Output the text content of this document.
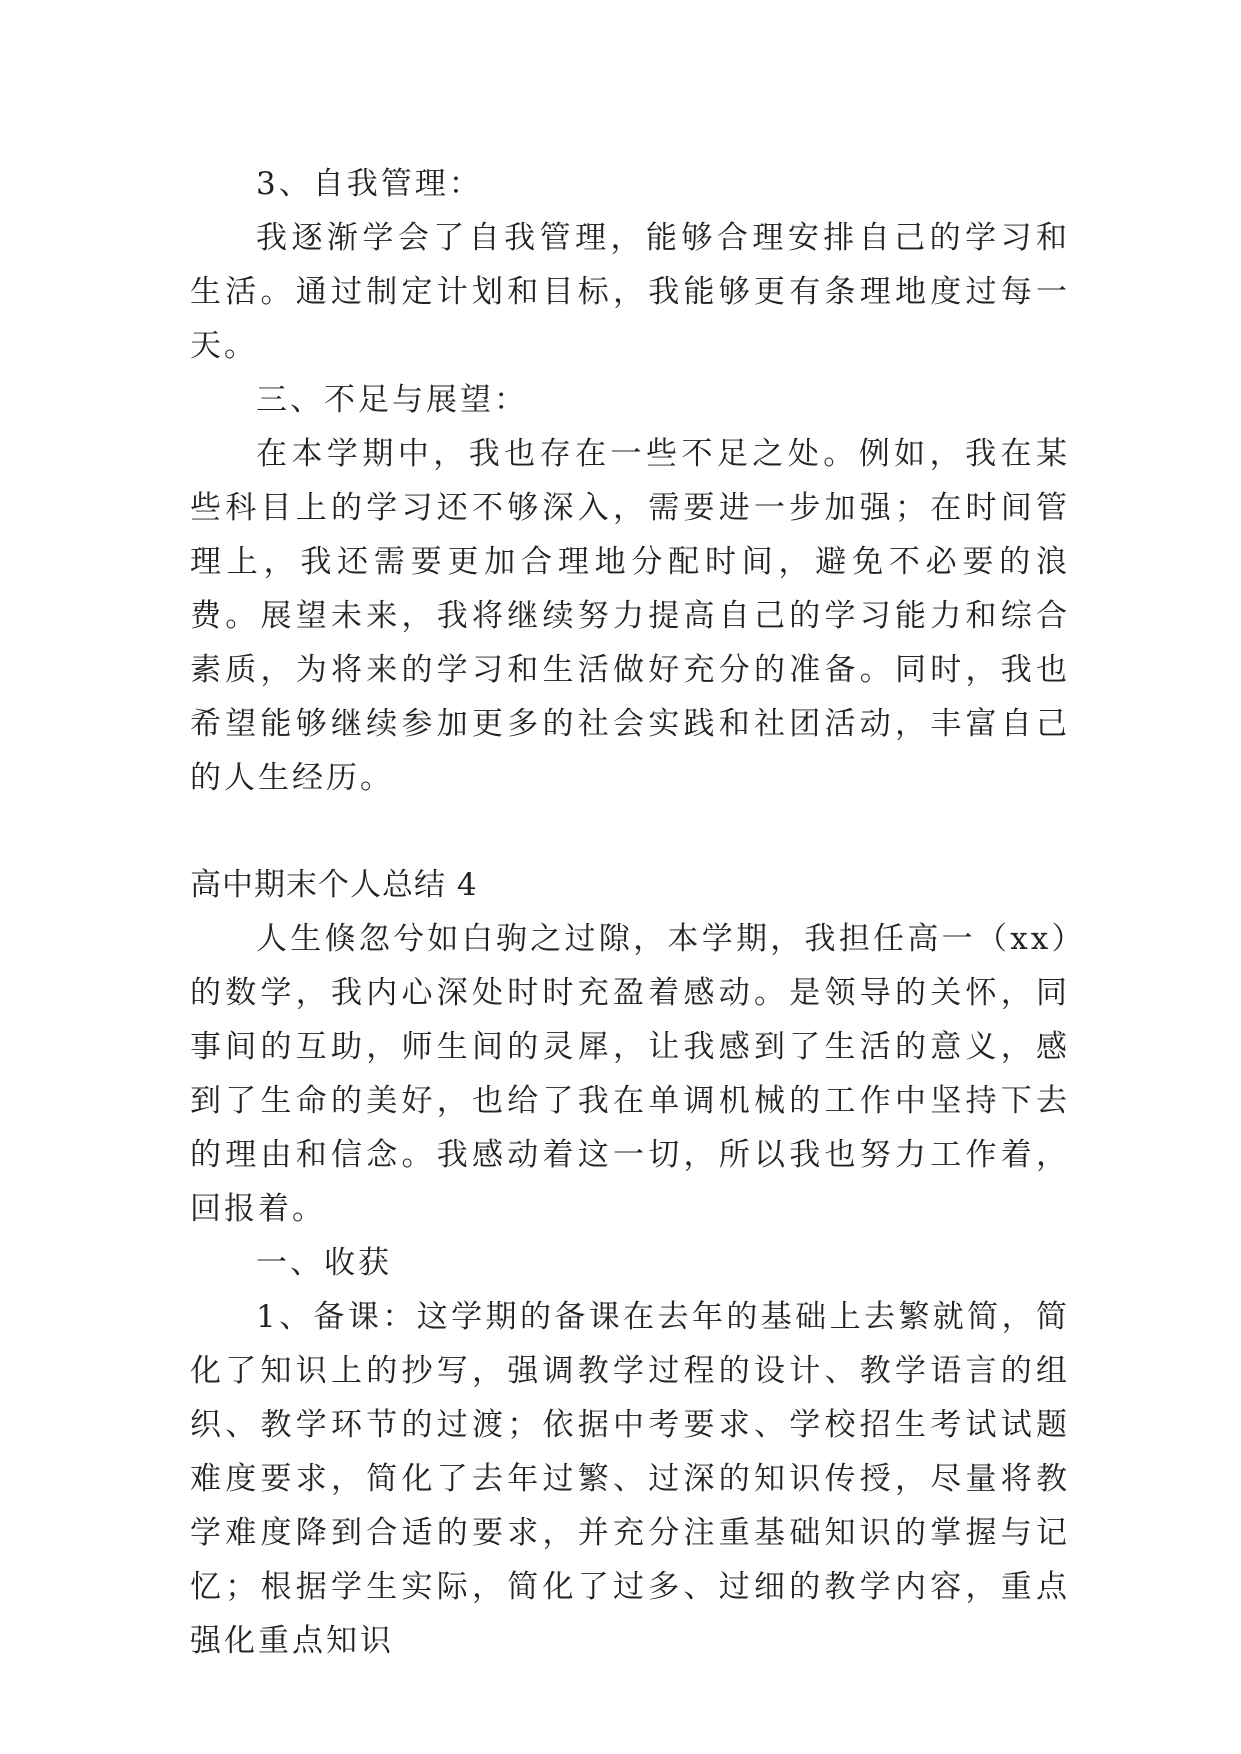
3、自我管理：

我逐渐学会了自我管理，能够合理安排自己的学习和生活。通过制定计划和目标，我能够更有条理地度过每一天。

三、不足与展望：

在本学期中，我也存在一些不足之处。例如，我在某些科目上的学习还不够深入，需要进一步加强；在时间管理上，我还需要更加合理地分配时间，避免不必要的浪费。展望未来，我将继续努力提高自己的学习能力和综合素质，为将来的学习和生活做好充分的准备。同时，我也希望能够继续参加更多的社会实践和社团活动，丰富自己的人生经历。

高中期末个人总结 4

人生倏忽兮如白驹之过隙，本学期，我担任高一（xx）的数学，我内心深处时时充盈着感动。是领导的关怀，同事间的互助，师生间的灵犀，让我感到了生活的意义，感到了生命的美好，也给了我在单调机械的工作中坚持下去的理由和信念。我感动着这一切，所以我也努力工作着，回报着。

一、收获

1、备课：这学期的备课在去年的基础上去繁就简，简化了知识上的抄写，强调教学过程的设计、教学语言的组织、教学环节的过渡；依据中考要求、学校招生考试试题难度要求，简化了去年过繁、过深的知识传授，尽量将教学难度降到合适的要求，并充分注重基础知识的掌握与记忆；根据学生实际，简化了过多、过细的教学内容，重点强化重点知识
